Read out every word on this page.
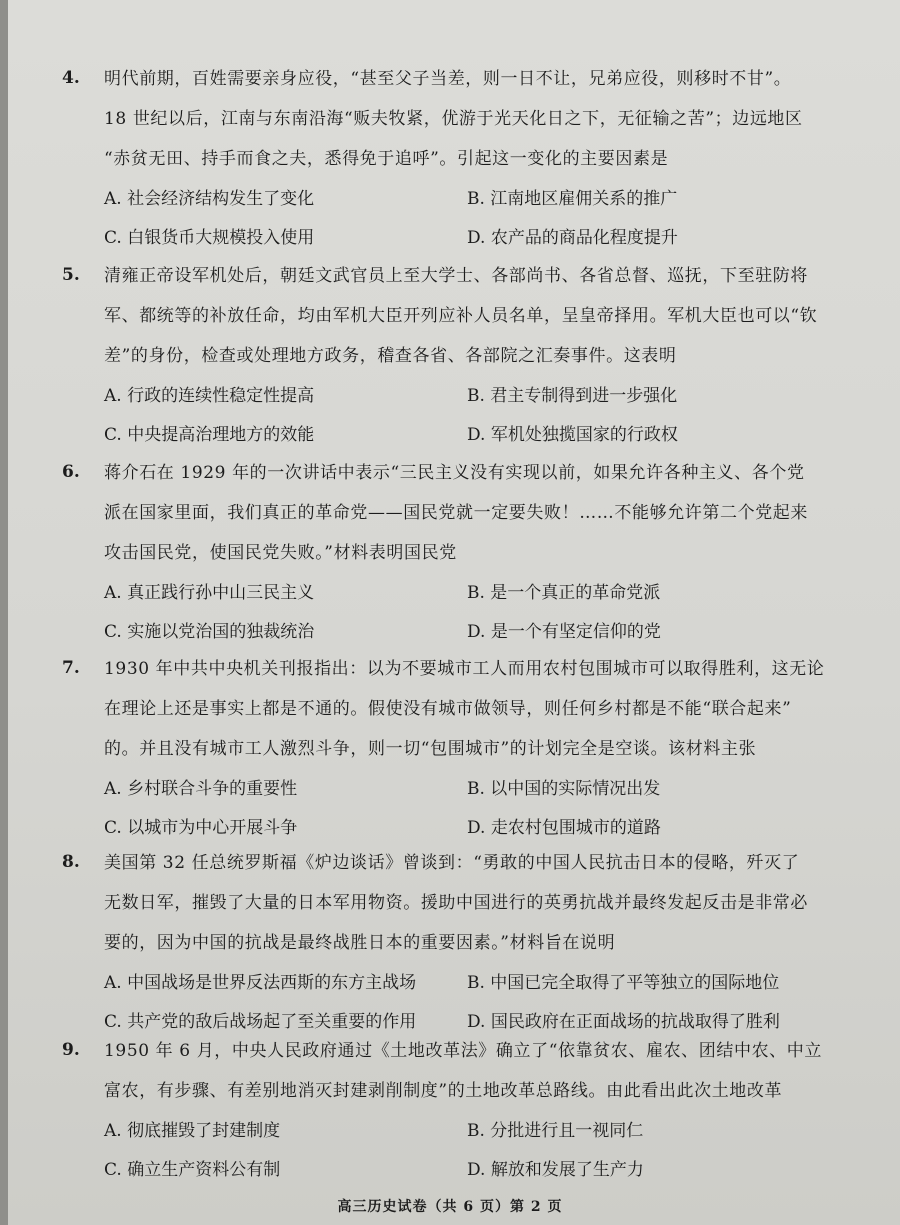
4. 明代前期，百姓需要亲身应役，“甚至父子当差，则一日不让，兄弟应役，则移时不甘”。
18 世纪以后，江南与东南沿海“贩夫牧紧，优游于光天化日之下，无征输之苦”；边远地区
“赤贫无田、持手而食之夫，悉得免于追呼”。引起这一变化的主要因素是
A. 社会经济结构发生了变化	B. 江南地区雇佣关系的推广
C. 白银货币大规模投入使用	D. 农产品的商品化程度提升
5. 清雍正帝设军机处后，朝廷文武官员上至大学士、各部尚书、各省总督、巡抚，下至驻防将
军、都统等的补放任命，均由军机大臣开列应补人员名单，呈皇帝择用。军机大臣也可以“钦
差”的身份，检查或处理地方政务，稽查各省、各部院之汇奏事件。这表明
A. 行政的连续性稳定性提高	B. 君主专制得到进一步强化
C. 中央提高治理地方的效能	D. 军机处独揽国家的行政权
6. 蒋介石在 1929 年的一次讲话中表示“三民主义没有实现以前，如果允许各种主义、各个党
派在国家里面，我们真正的革命党——国民党就一定要失败！……不能够允许第二个党起来
攻击国民党，使国民党失败。”材料表明国民党
A. 真正践行孙中山三民主义	B. 是一个真正的革命党派
C. 实施以党治国的独裁统治	D. 是一个有坚定信仰的党
7. 1930 年中共中央机关刊报指出：以为不要城市工人而用农村包围城市可以取得胜利，这无论
在理论上还是事实上都是不通的。假使没有城市做领导，则任何乡村都是不能“联合起来”
的。并且没有城市工人激烈斗争，则一切“包围城市”的计划完全是空谈。该材料主张
A. 乡村联合斗争的重要性	B. 以中国的实际情况出发
C. 以城市为中心开展斗争	D. 走农村包围城市的道路
8. 美国第 32 任总统罗斯福《炉边谈话》曾谈到：“勇敢的中国人民抗击日本的侵略，歼灭了
无数日军，摧毁了大量的日本军用物资。援助中国进行的英勇抗战并最终发起反击是非常必
要的，因为中国的抗战是最终战胜日本的重要因素。”材料旨在说明
A. 中国战场是世界反法西斯的东方主战场	B. 中国已完全取得了平等独立的国际地位
C. 共产党的敌后战场起了至关重要的作用	D. 国民政府在正面战场的抗战取得了胜利
9. 1950 年 6 月，中央人民政府通过《土地改革法》确立了“依靠贫农、雇农、团结中农、中立
富农，有步骤、有差别地消灭封建剥削制度”的土地改革总路线。由此看出此次土地改革
A. 彻底摧毁了封建制度	B. 分批进行且一视同仁
C. 确立生产资料公有制	D. 解放和发展了生产力
高三历史试卷（共 6 页）第 2 页
